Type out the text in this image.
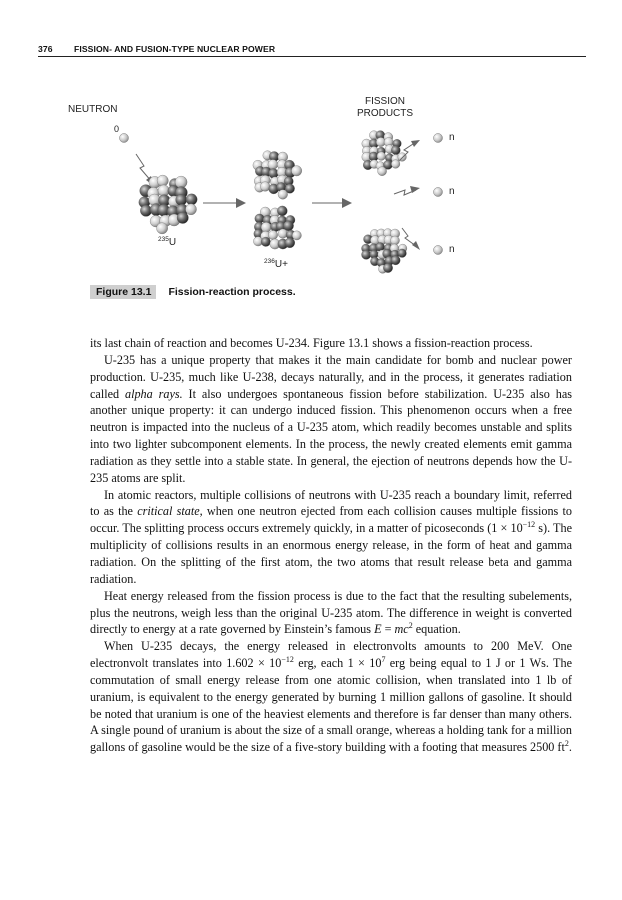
376 FISSION- AND FUSION-TYPE NUCLEAR POWER
NEUTRON
0
FISSION
PRODUCTS
$^{235}$U
$^{236}$U+
n
n
n
Figure 13.1 Fission-reaction process.

its last chain of reaction and becomes U-234. Figure 13.1 shows a fission-reaction process.

U-235 has a unique property that makes it the main candidate for bomb and nuclear power production. U-235, much like U-238, decays naturally, and in the process, it generates radiation called alpha rays. It also undergoes spontaneous fission before stabilization. U-235 also has another unique property: it can undergo induced fission. This phenomenon occurs when a free neutron is impacted into the nucleus of a U-235 atom, which readily becomes unstable and splits into two lighter subcomponent elements. In the process, the newly created elements emit gamma radiation as they settle into a stable state. In general, the ejection of neutrons depends how the U-235 atoms are split.

In atomic reactors, multiple collisions of neutrons with U-235 reach a boundary limit, referred to as the critical state, when one neutron ejected from each collision causes multiple fissions to occur. The splitting process occurs extremely quickly, in a matter of picoseconds ($1 \times 10^{-12}$ s). The multiplicity of collisions results in an enormous energy release, in the form of heat and gamma radiation. On the splitting of the first atom, the two atoms that result release beta and gamma radiation.

Heat energy released from the fission process is due to the fact that the resulting subelements, plus the neutrons, weigh less than the original U-235 atom. The difference in weight is converted directly to energy at a rate governed by Einstein’s famous $E = mc^2$ equation.

When U-235 decays, the energy released in electronvolts amounts to 200 MeV. One electronvolt translates into $1.602 \times 10^{-12}$ erg, each $1 \times 10^7$ erg being equal to 1 J or 1 Ws. The commutation of small energy release from one atomic collision, when translated into 1 lb of uranium, is equivalent to the energy generated by burning 1 million gallons of gasoline. It should be noted that uranium is one of the heaviest elements and therefore is far denser than many others. A single pound of uranium is about the size of a small orange, whereas a holding tank for a million gallons of gasoline would be the size of a five-story building with a footing that measures 2500 $ft^2$.
